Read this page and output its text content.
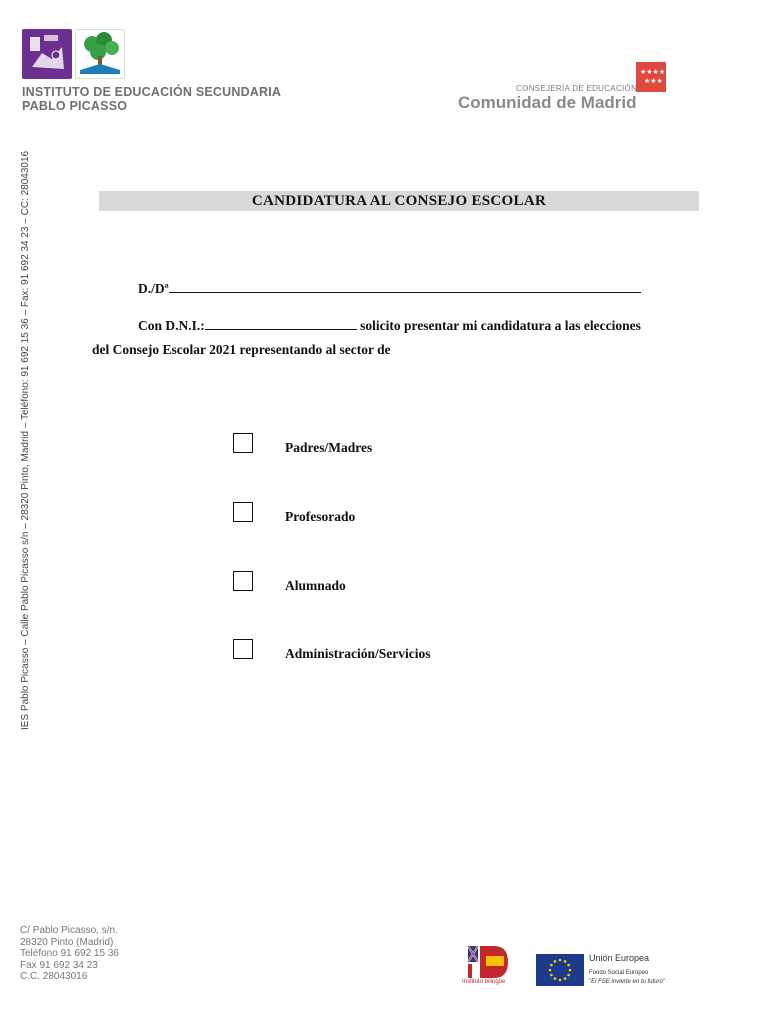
INSTITUTO DE EDUCACIÓN SECUNDARIA
PABLO PICASSO
★★★★
★★★
CONSEJERÍA DE EDUCACIÓN
Comunidad de Madrid
IES Pablo Picasso – Calle Pablo Picasso s/n – 28320 Pinto, Madrid – Teléfono: 91 692 15 36 – Fax: 91 692 34 23 – CC: 28043016	CANDIDATURA AL CONSEJO ESCOLAR
D./Dª
Con D.N.I.:	solicito presentar mi candidatura a las elecciones
del Consejo Escolar 2021 representando al sector de
Padres/Madres
Profesorado
Alumnado
Administración/Servicios
C/ Pablo Picasso, s/n.
28320 Pinto (Madrid)
Teléfono 91 692 15 36
Fax 91 692 34 23
C.C. 28043016	Instituto bilingüe
Unión Europea
Fondo Social Europeo
"El FSE invierte en tu futuro"
